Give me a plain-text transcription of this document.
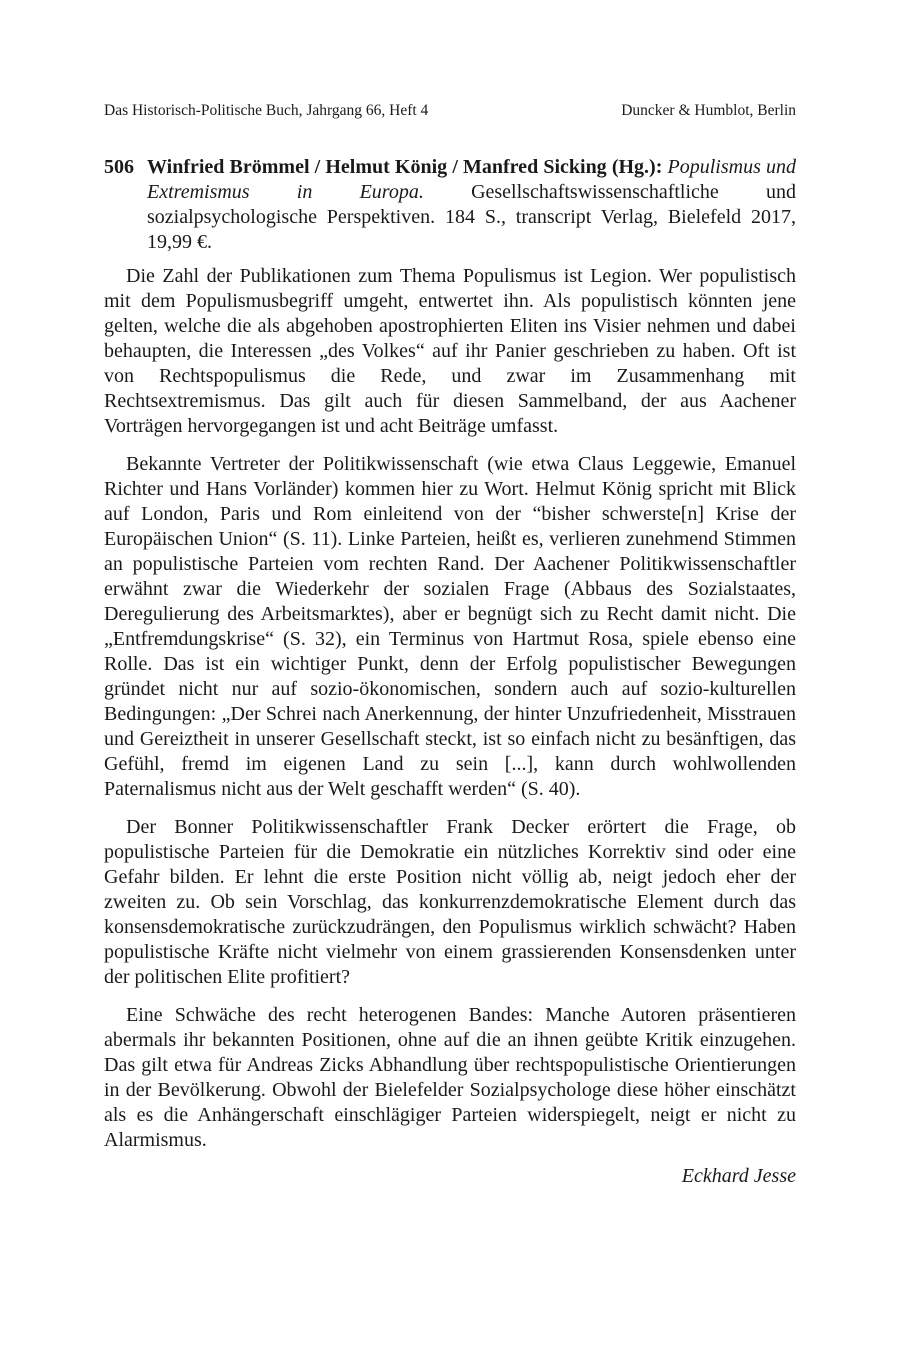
Das Historisch-Politische Buch, Jahrgang 66, Heft 4	Duncker & Humblot, Berlin
506 Winfried Brömmel / Helmut König / Manfred Sicking (Hg.): Populismus und Extremismus in Europa. Gesellschaftswissenschaftliche und sozialpsychologische Perspektiven. 184 S., transcript Verlag, Bielefeld 2017, 19,99 €.

Die Zahl der Publikationen zum Thema Populismus ist Legion. Wer populistisch mit dem Populismusbegriff umgeht, entwertet ihn. Als populistisch könnten jene gelten, welche die als abgehoben apostrophierten Eliten ins Visier nehmen und dabei behaupten, die Interessen „des Volkes“ auf ihr Panier geschrieben zu haben. Oft ist von Rechtspopulismus die Rede, und zwar im Zusammenhang mit Rechtsextremismus. Das gilt auch für diesen Sammelband, der aus Aachener Vorträgen hervorgegangen ist und acht Beiträge umfasst.

Bekannte Vertreter der Politikwissenschaft (wie etwa Claus Leggewie, Emanuel Richter und Hans Vorländer) kommen hier zu Wort. Helmut König spricht mit Blick auf London, Paris und Rom einleitend von der “bisher schwerste[n] Krise der Europäischen Union“ (S. 11). Linke Parteien, heißt es, verlieren zunehmend Stimmen an populistische Parteien vom rechten Rand. Der Aachener Politikwissenschaftler erwähnt zwar die Wiederkehr der sozialen Frage (Abbaus des Sozialstaates, Deregulierung des Arbeitsmarktes), aber er begnügt sich zu Recht damit nicht. Die „Entfremdungskrise“ (S. 32), ein Terminus von Hartmut Rosa, spiele ebenso eine Rolle. Das ist ein wichtiger Punkt, denn der Erfolg populistischer Bewegungen gründet nicht nur auf sozio-ökonomischen, sondern auch auf sozio-kulturellen Bedingungen: „Der Schrei nach Anerkennung, der hinter Unzufriedenheit, Misstrauen und Gereiztheit in unserer Gesellschaft steckt, ist so einfach nicht zu besänftigen, das Gefühl, fremd im eigenen Land zu sein [...], kann durch wohlwollenden Paternalismus nicht aus der Welt geschafft werden“ (S. 40).

Der Bonner Politikwissenschaftler Frank Decker erörtert die Frage, ob populistische Parteien für die Demokratie ein nützliches Korrektiv sind oder eine Gefahr bilden. Er lehnt die erste Position nicht völlig ab, neigt jedoch eher der zweiten zu. Ob sein Vorschlag, das konkurrenzdemokratische Element durch das konsensdemokratische zurückzudrängen, den Populismus wirklich schwächt? Haben populistische Kräfte nicht vielmehr von einem grassierenden Konsensdenken unter der politischen Elite profitiert?

Eine Schwäche des recht heterogenen Bandes: Manche Autoren präsentieren abermals ihr bekannten Positionen, ohne auf die an ihnen geübte Kritik einzugehen. Das gilt etwa für Andreas Zicks Abhandlung über rechtspopulistische Orientierungen in der Bevölkerung. Obwohl der Bielefelder Sozialpsychologe diese höher einschätzt als es die Anhängerschaft einschlägiger Parteien widerspiegelt, neigt er nicht zu Alarmismus.

Eckhard Jesse
